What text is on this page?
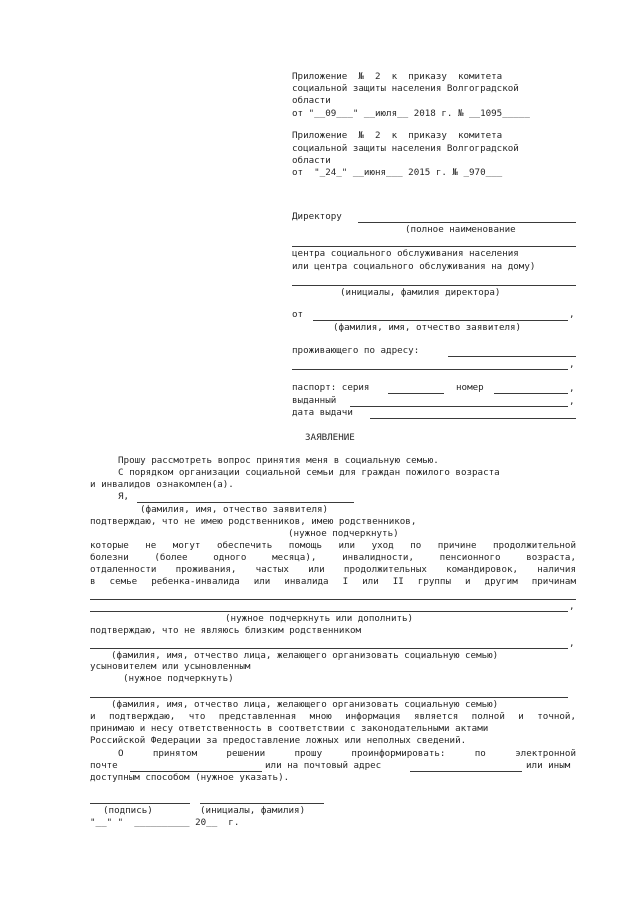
Приложение  №  2  к  приказу  комитета
социальной защиты населения Волгоградской
области
от "__09___" __июля__ 2018 г. № __1095_____
Приложение  №  2  к  приказу  комитета
социальной защиты населения Волгоградской
области
от  "_24_" __июня___ 2015 г. № _970___
Директору
(полное наименование
центра социального обслуживания населения
или центра социального обслуживания на дому)
(инициалы, фамилия директора)
от	,
(фамилия, имя, отчество заявителя)
проживающего по адресу:
,
паспорт: серия	номер	,
выданный	,
дата выдачи
ЗАЯВЛЕНИЕ
Прошу рассмотреть вопрос принятия меня в социальную семью.
С порядком организации социальной семьи для граждан пожилого возраста
и инвалидов ознакомлен(а).
Я,
(фамилия, имя, отчество заявителя)
подтверждаю, что не имею родственников, имею родственников,
(нужное подчеркнуть)
которые не могут обеспечить помощь или уход по причине продолжительной
болезни (более одного месяца), инвалидности, пенсионного возраста,
отдаленности проживания, частых или продолжительных командировок, наличия
в семье ребенка-инвалида или инвалида I или II группы и другим причинам
,
(нужное подчеркнуть или дополнить)
подтверждаю, что не являюсь близким родственником
,
(фамилия, имя, отчество лица, желающего организовать социальную семью)
усыновителем или усыновленным
(нужное подчеркнуть)
(фамилия, имя, отчество лица, желающего организовать социальную семью)
и подтверждаю, что представленная мною информация является полной и точной,
принимаю и несу ответственность в соответствии с законодательными актами
Российской Федерации за предоставление ложных или неполных сведений.
О принятом решении прошу проинформировать: по электронной
почте	или на почтовый адрес	или иным
доступным способом (нужное указать).
(подпись)	(инициалы, фамилия)
"__" "  __________ 20__  г.
